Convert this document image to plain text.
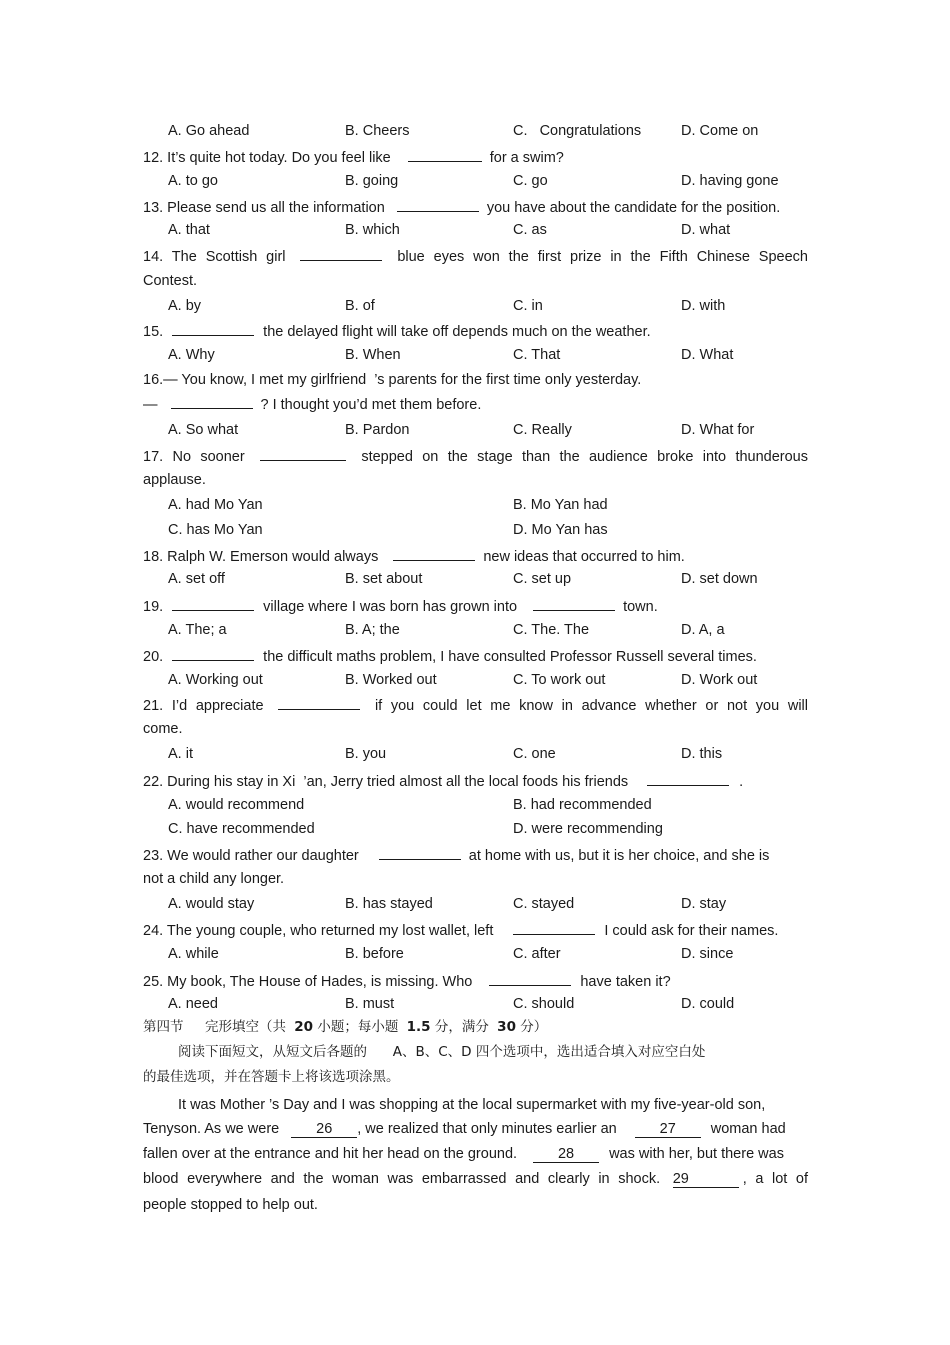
A. Go ahead	B. Cheers	C.   Congratulations	D. Come on
12. It’s quite hot today. Do you feel like	for a swim?
A. to go	B. going	C. go	D. having gone
13. Please send us all the information	you have about the candidate for the position.
A. that	B. which	C. as	D. what
14. The Scottish girl	blue eyes won the first prize in the Fifth Chinese Speech
Contest.
A. by	B. of	C. in	D. with
15.	the delayed flight will take off depends much on the weather.
A. Why	B. When	C. That	D. What
16.— You know, I met my girlfriend  ’s parents for the first time only yesterday.
—	? I thought you’d met them before.
A. So what	B. Pardon	C. Really	D. What for
17. No sooner	stepped on the stage than the audience broke into thunderous
applause.
A. had Mo Yan	B. Mo Yan had
C. has Mo Yan	D. Mo Yan has
18. Ralph W. Emerson would always	new ideas that occurred to him.
A. set off	B. set about	C. set up	D. set down
19.	village where I was born has grown into	town.
A. The; a	B. A; the	C. The. The	D. A, a
20.	the difficult maths problem, I have consulted Professor Russell several times.
A. Working out	B. Worked out	C. To work out	D. Work out
21. I’d appreciate	if you could let me know in advance whether or not you will
come.
A. it	B. you	C. one	D. this
22. During his stay in Xi  ’an, Jerry tried almost all the local foods his friends	.
A. would recommend	B. had recommended
C. have recommended	D. were recommending
23. We would rather our daughter	at home with us, but it is her choice, and she is
not a child any longer.
A. would stay	B. has stayed	C. stayed	D. stay
24. The young couple, who returned my lost wallet, left	I could ask for their names.
A. while	B. before	C. after	D. since
25. My book, The House of Hades, is missing. Who	have taken it?
A. need	B. must	C. should	D. could
第四节     完形填空（共 20 小题；每小题 1.5 分，满分 30 分）
阅读下面短文，从短文后各题的      A、B、C、D 四个选项中，选出适合填入对应空白处
的最佳选项，并在答题卡上将该选项涂黑。
It was Mother ’s Day and I was shopping at the local supermarket with my five-year-old son,
Tenyson. As we were	26 , we realized that only minutes earlier an	27 woman had
fallen over at the entrance and hit her head on the ground.	28 was with her, but there was
blood everywhere and the woman was embarrassed and clearly in shock. 29	, a lot of
people stopped to help out.
